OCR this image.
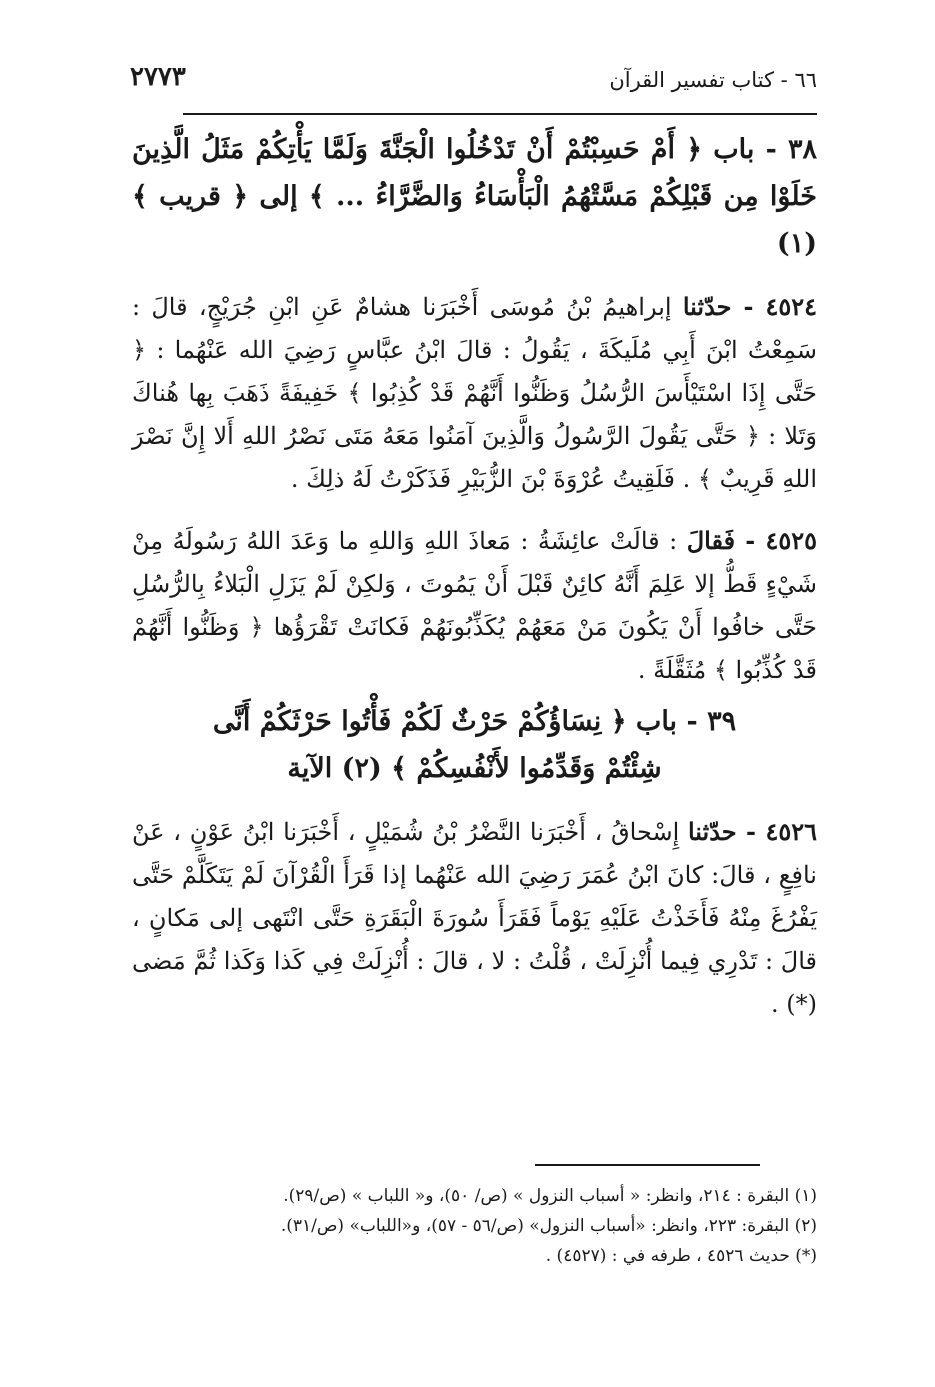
٦٦ - كتاب تفسير القرآن
٢٧٧٣

٣٨ - باب ﴿ أَمْ حَسِبْتُمْ أَنْ تَدْخُلُوا الْجَنَّةَ وَلَمَّا يَأْتِكُمْ مَثَلُ الَّذِينَ خَلَوْا مِن قَبْلِكُمْ مَسَّتْهُمُ الْبَأْسَاءُ وَالضَّرَّاءُ ... ﴾ إلى ﴿ قريب ﴾ (١)

٤٥٢٤ - حدّثنا إبراهيمُ بْنُ مُوسَى أَخْبَرَنا هشامٌ عَنِ ابْنِ جُرَيْجٍ، قالَ : سَمِعْتُ ابْنَ أَبِي مُلَيكَةَ ، يَقُولُ : قالَ ابْنُ عبَّاسٍ رَضِيَ الله عَنْهُما : ﴿ حَتَّى إِذَا اسْتَيْأَسَ الرُّسُلُ وَظَنُّوا أَنَّهُمْ قَدْ كُذِبُوا ﴾ خَفِيفَةً ذَهَبَ بِها هُناكَ وَتَلا : ﴿ حَتَّى يَقُولَ الرَّسُولُ وَالَّذِينَ آمَنُوا مَعَهُ مَتَى نَصْرُ اللهِ أَلا إِنَّ نَصْرَ اللهِ قَرِيبٌ ﴾ . فَلَقِيتُ عُرْوَةَ بْنَ الزُّبَيْرِ فَذَكَرْتُ لَهُ ذلِكَ .

٤٥٢٥ - فَقالَ : قالَتْ عائِشَةُ : مَعاذَ اللهِ وَاللهِ ما وَعَدَ اللهُ رَسُولَهُ مِنْ شَيْءٍ قَطُّ إلا عَلِمَ أَنَّهُ كائِنٌ قَبْلَ أَنْ يَمُوتَ ، وَلكِنْ لَمْ يَزَلِ الْبَلاءُ بِالرُّسُلِ حَتَّى خافُوا أَنْ يَكُونَ مَنْ مَعَهُمْ يُكَذِّبُونَهُمْ فَكانَتْ تَقْرَؤُها ﴿ وَظَنُّوا أَنَّهُمْ قَدْ كُذِّبُوا ﴾ مُثَقَّلَةً .

٣٩ - باب ﴿ نِسَاؤُكُمْ حَرْثٌ لَكُمْ فَأْتُوا حَرْثَكُمْ أَنَّى
شِئْتُمْ وَقَدِّمُوا لأَنْفُسِكُمْ ﴾ (٢) الآية

٤٥٢٦ - حدّثنا إِسْحاقُ ، أَخْبَرَنا النَّضْرُ بْنُ شُمَيْلٍ ، أَخْبَرَنا ابْنُ عَوْنٍ ، عَنْ نافِعٍ ، قالَ: كانَ ابْنُ عُمَرَ رَضِيَ الله عَنْهُما إذا قَرَأَ الْقُرْآنَ لَمْ يَتَكَلَّمْ حَتَّى يَفْرُغَ مِنْهُ فَأَخَذْتُ عَلَيْهِ يَوْماً فَقَرَأَ سُورَةَ الْبَقَرَةِ حَتَّى انْتَهى إلى مَكانٍ ، قالَ : تَدْرِي فِيما أُنْزِلَتْ ، قُلْتُ : لا ، قالَ : أُنْزِلَتْ فِي كَذا وَكَذا ثُمَّ مَضى (*) .

(١) البقرة : ٢١٤، وانظر: « أسباب النزول » (ص/ ٥٠)، و« اللباب » (ص/٢٩).

(٢) البقرة: ٢٢٣، وانظر: «أسباب النزول» (ص/٥٦ - ٥٧)، و«اللباب» (ص/٣١).

(*) حديث ٤٥٢٦ ، طرفه في : (٤٥٢٧) .
